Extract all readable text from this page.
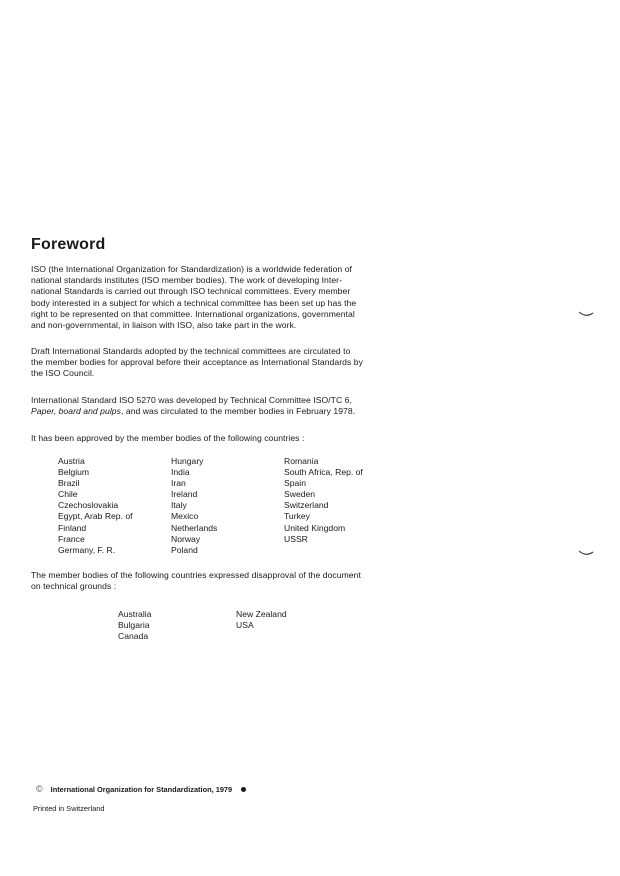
Foreword

ISO (the International Organization for Standardization) is a worldwide federation of
national standards institutes (ISO member bodies). The work of developing Inter-
national Standards is carried out through ISO technical committees. Every member
body interested in a subject for which a technical committee has been set up has the
right to be represented on that committee. International organizations, governmental
and non-governmental, in liaison with ISO, also take part in the work.

Draft International Standards adopted by the technical committees are circulated to
the member bodies for approval before their acceptance as International Standards by
the ISO Council.

International Standard ISO 5270 was developed by Technical Committee ISO/TC 6,
Paper, board and pulps, and was circulated to the member bodies in February 1978.

It has been approved by the member bodies of the following countries :

Austria
Belgium
Brazil
Chile
Czechoslovakia
Egypt, Arab Rep. of
Finland
France
Germany, F. R.
Hungary
India
Iran
Ireland
Italy
Mexico
Netherlands
Norway
Poland
Romania
South Africa, Rep. of
Spain
Sweden
Switzerland
Turkey
United Kingdom
USSR

The member bodies of the following countries expressed disapproval of the document
on technical grounds :

Australia
Bulgaria
Canada
New Zealand
USA
© International Organization for Standardization, 1979
Printed in Switzerland
